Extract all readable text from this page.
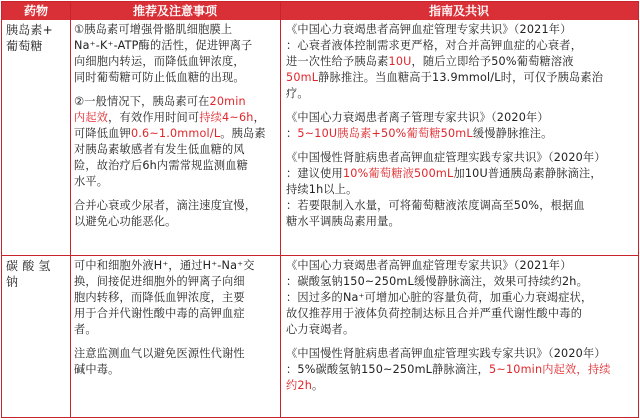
药物	推荐及注意事项	指南及共识
胰岛素+
葡萄糖
①胰岛素可增强骨骼肌细胞膜上
Na⁺-K⁺-ATP酶的活性，促进钾离子
向细胞内转运，而降低血钾浓度，
同时葡萄糖可防止低血糖的出现。
②一般情况下，胰岛素可在20min
内起效，有效作用时间可持续4~6h，
可降低血钾0.6~1.0mmol/L。胰岛素
对胰岛素敏感者有发生低血糖的风
险，故治疗后6h内需常规监测血糖
水平。
合并心衰或少尿者，滴注速度宜慢，
以避免心功能恶化。
《中国心力衰竭患者高钾血症管理专家共识》（2021年）
：心衰者液体控制需求更严格，对合并高钾血症的心衰者，
进一次性给予胰岛素10U，随后立即给予50%葡萄糖溶液
50mL静脉推注。当血糖高于13.9mmol/L时，可仅予胰岛素治
疗。
《中国心力衰竭患者离子管理专家共识》（2020年）
：5~10U胰岛素+50%葡萄糖50mL缓慢静脉推注。
《中国慢性肾脏病患者高钾血症管理实践专家共识》（2020年）
：建议使用10%葡萄糖液500mL加10U普通胰岛素静脉滴注，
持续1h以上。
：若要限制入水量，可将葡萄糖液浓度调高至50%，根据血
糖水平调胰岛素用量。
碳 酸 氢
钠
可中和细胞外液H⁺，通过H⁺-Na⁺交
换，间接促进细胞外的钾离子向细
胞内转移，而降低血钾浓度，主要
用于合并代谢性酸中毒的高钾血症
者。
注意监测血气以避免医源性代谢性
碱中毒。
《中国心力衰竭患者高钾血症管理专家共识》（2021年）
：碳酸氢钠150~250mL缓慢静脉滴注，效果可持续约2h。
：因过多的Na⁺可增加心脏的容量负荷，加重心力衰竭症状，
故仅推荐用于液体负荷控制达标且合并严重代谢性酸中毒的
心力衰竭者。
《中国慢性肾脏病患者高钾血症管理实践专家共识》（2020年）
：5%碳酸氢钠150~250mL静脉滴注，5~10min内起效，持续
约2h。
